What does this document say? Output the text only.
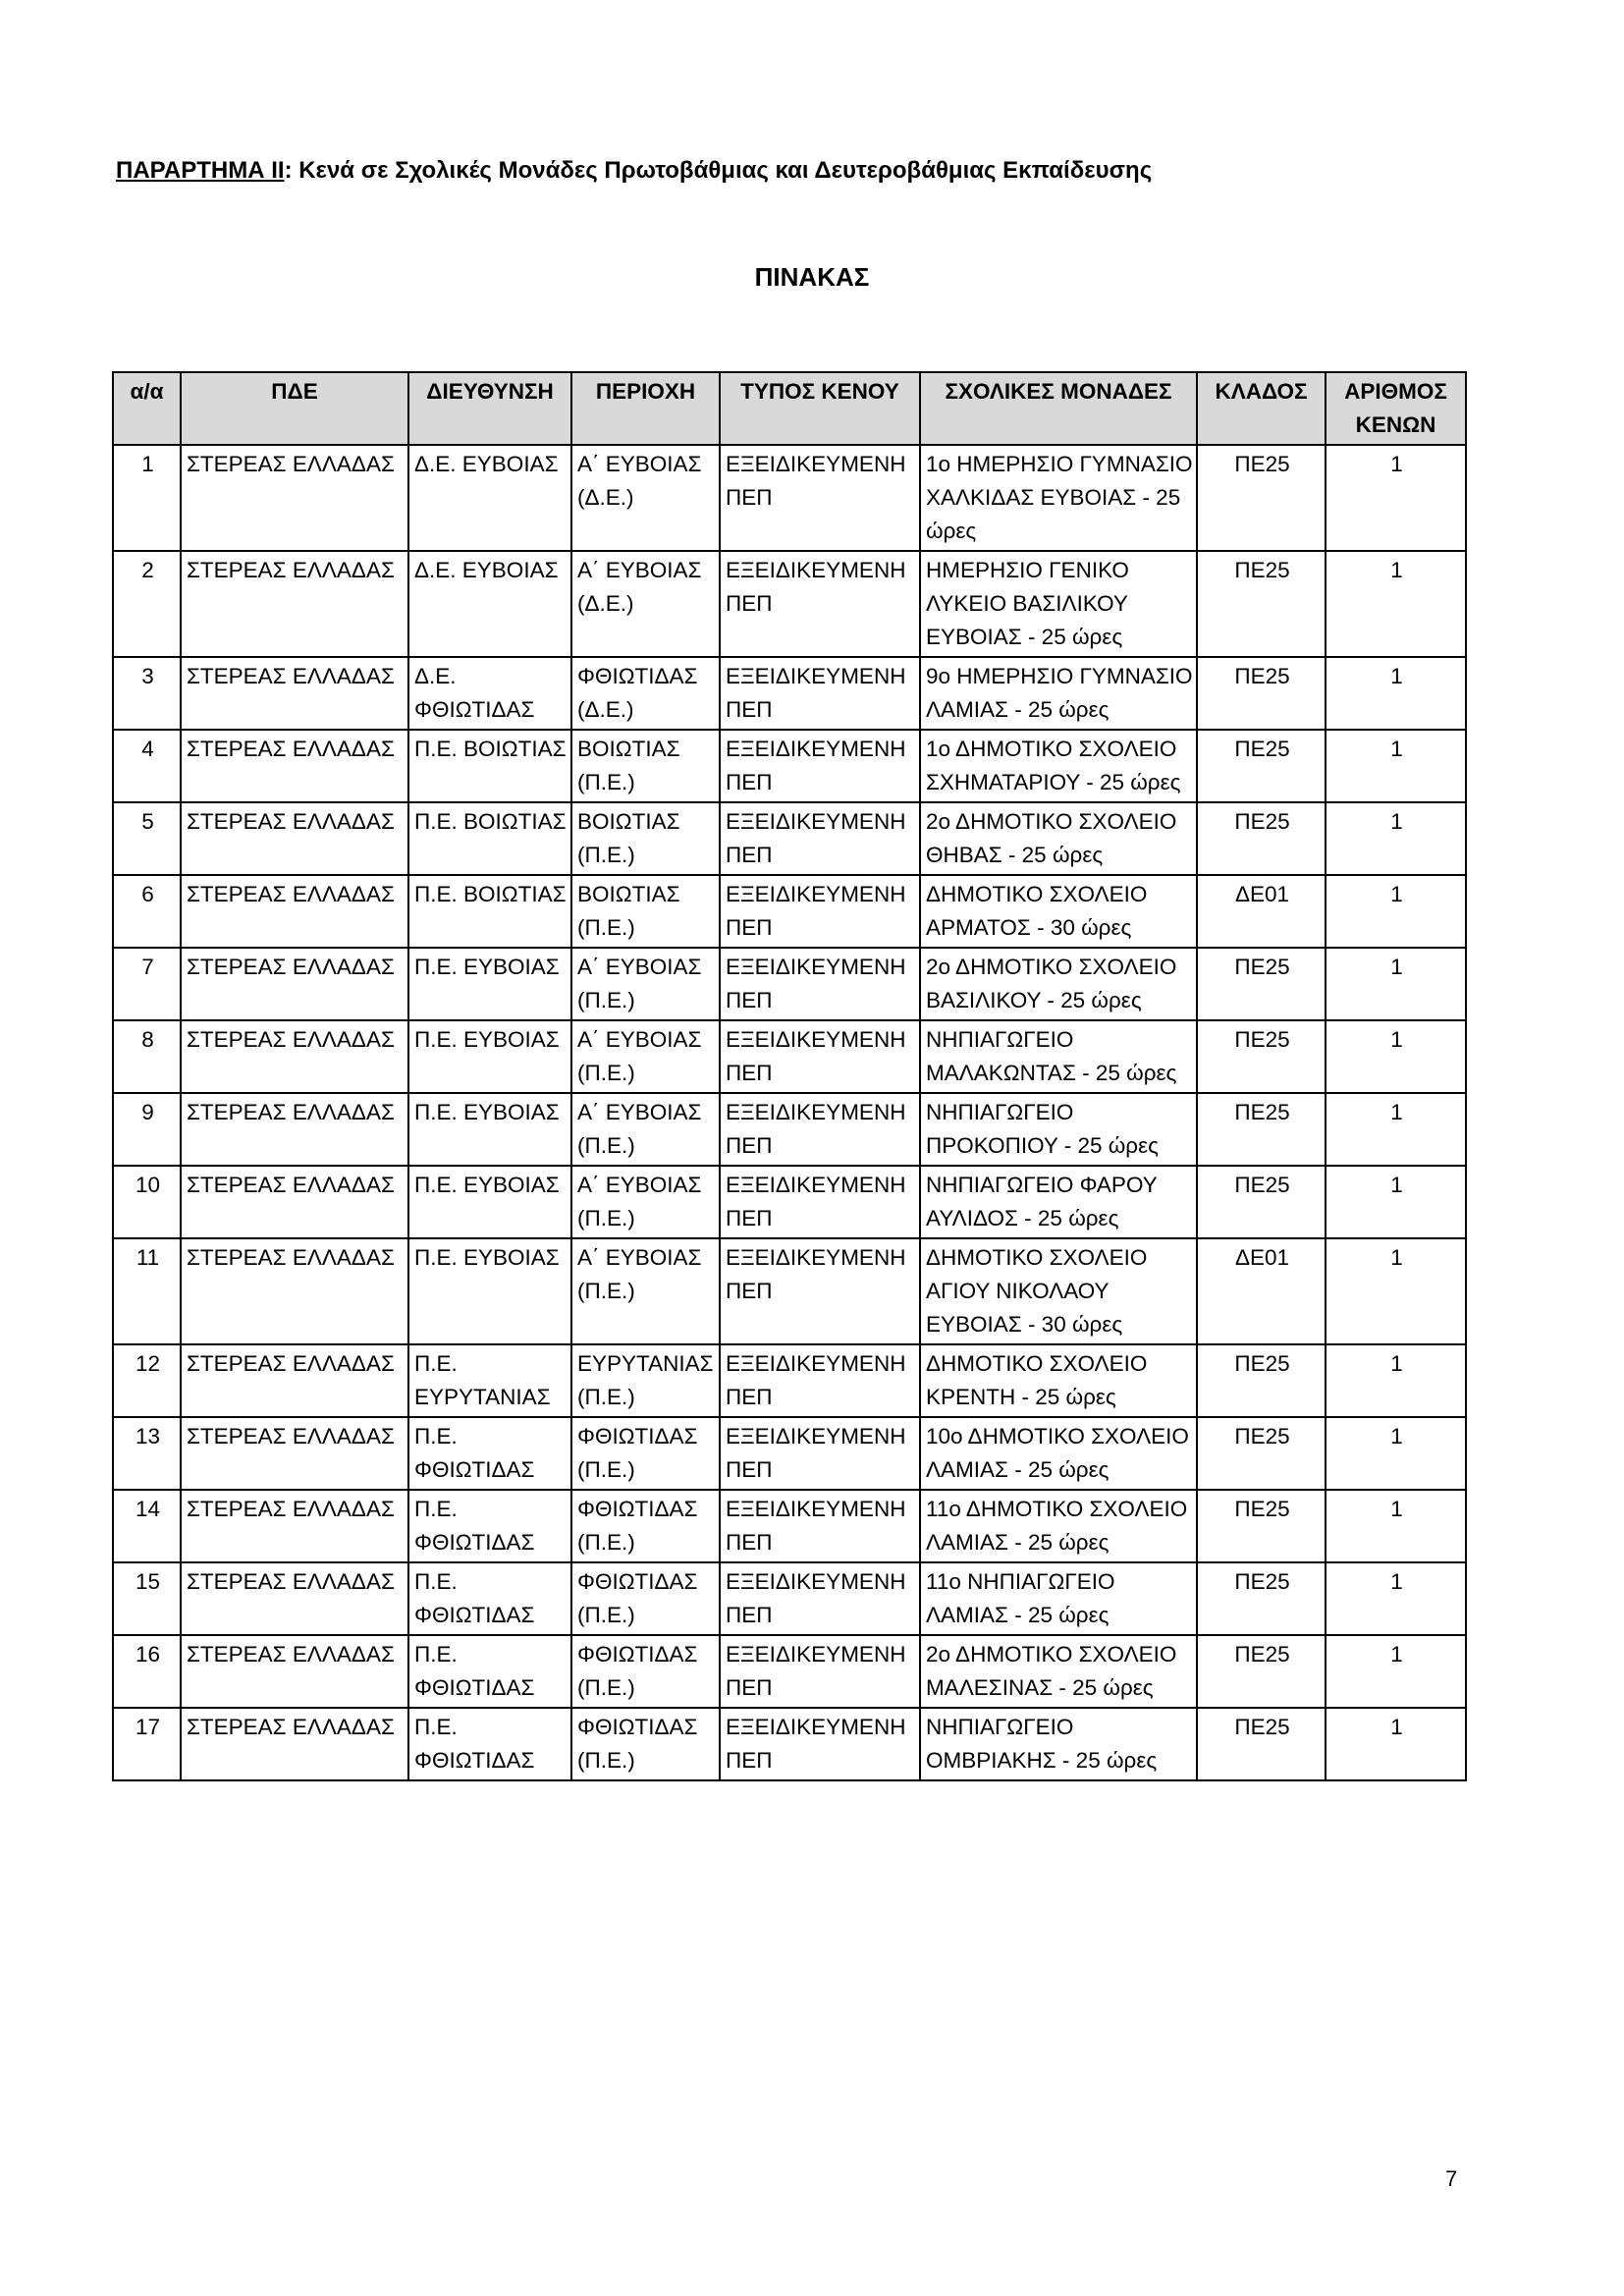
ΠΑΡΑΡΤΗΜΑ ΙΙ: Κενά σε Σχολικές Μονάδες Πρωτοβάθμιας και Δευτεροβάθμιας Εκπαίδευσης
ΠΙΝΑΚΑΣ
α/α	ΠΔΕ	ΔΙΕΥΘΥΝΣΗ	ΠΕΡΙΟΧΗ	ΤΥΠΟΣ ΚΕΝΟΥ	ΣΧΟΛΙΚΕΣ ΜΟΝΑΔΕΣ	ΚΛΑΔΟΣ	ΑΡΙΘΜΟΣ ΚΕΝΩΝ
1	ΣΤΕΡΕΑΣ ΕΛΛΑΔΑΣ	Δ.Ε. ΕΥΒΟΙΑΣ	Α΄ ΕΥΒΟΙΑΣ (Δ.Ε.)	ΕΞΕΙΔΙΚΕΥΜΕΝΗ ΠΕΠ	1ο ΗΜΕΡΗΣΙΟ ΓΥΜΝΑΣΙΟ ΧΑΛΚΙΔΑΣ ΕΥΒΟΙΑΣ - 25 ώρες	ΠΕ25	1
2	ΣΤΕΡΕΑΣ ΕΛΛΑΔΑΣ	Δ.Ε. ΕΥΒΟΙΑΣ	Α΄ ΕΥΒΟΙΑΣ (Δ.Ε.)	ΕΞΕΙΔΙΚΕΥΜΕΝΗ ΠΕΠ	ΗΜΕΡΗΣΙΟ ΓΕΝΙΚΟ ΛΥΚΕΙΟ ΒΑΣΙΛΙΚΟΥ ΕΥΒΟΙΑΣ - 25 ώρες	ΠΕ25	1
3	ΣΤΕΡΕΑΣ ΕΛΛΑΔΑΣ	Δ.Ε. ΦΘΙΩΤΙΔΑΣ	ΦΘΙΩΤΙΔΑΣ (Δ.Ε.)	ΕΞΕΙΔΙΚΕΥΜΕΝΗ ΠΕΠ	9ο ΗΜΕΡΗΣΙΟ ΓΥΜΝΑΣΙΟ ΛΑΜΙΑΣ - 25 ώρες	ΠΕ25	1
4	ΣΤΕΡΕΑΣ ΕΛΛΑΔΑΣ	Π.Ε. ΒΟΙΩΤΙΑΣ	ΒΟΙΩΤΙΑΣ (Π.Ε.)	ΕΞΕΙΔΙΚΕΥΜΕΝΗ ΠΕΠ	1ο ΔΗΜΟΤΙΚΟ ΣΧΟΛΕΙΟ ΣΧΗΜΑΤΑΡΙΟΥ - 25 ώρες	ΠΕ25	1
5	ΣΤΕΡΕΑΣ ΕΛΛΑΔΑΣ	Π.Ε. ΒΟΙΩΤΙΑΣ	ΒΟΙΩΤΙΑΣ (Π.Ε.)	ΕΞΕΙΔΙΚΕΥΜΕΝΗ ΠΕΠ	2ο ΔΗΜΟΤΙΚΟ ΣΧΟΛΕΙΟ ΘΗΒΑΣ - 25 ώρες	ΠΕ25	1
6	ΣΤΕΡΕΑΣ ΕΛΛΑΔΑΣ	Π.Ε. ΒΟΙΩΤΙΑΣ	ΒΟΙΩΤΙΑΣ (Π.Ε.)	ΕΞΕΙΔΙΚΕΥΜΕΝΗ ΠΕΠ	ΔΗΜΟΤΙΚΟ ΣΧΟΛΕΙΟ ΑΡΜΑΤΟΣ - 30 ώρες	ΔΕ01	1
7	ΣΤΕΡΕΑΣ ΕΛΛΑΔΑΣ	Π.Ε. ΕΥΒΟΙΑΣ	Α΄ ΕΥΒΟΙΑΣ (Π.Ε.)	ΕΞΕΙΔΙΚΕΥΜΕΝΗ ΠΕΠ	2ο ΔΗΜΟΤΙΚΟ ΣΧΟΛΕΙΟ ΒΑΣΙΛΙΚΟΥ - 25 ώρες	ΠΕ25	1
8	ΣΤΕΡΕΑΣ ΕΛΛΑΔΑΣ	Π.Ε. ΕΥΒΟΙΑΣ	Α΄ ΕΥΒΟΙΑΣ (Π.Ε.)	ΕΞΕΙΔΙΚΕΥΜΕΝΗ ΠΕΠ	ΝΗΠΙΑΓΩΓΕΙΟ ΜΑΛΑΚΩΝΤΑΣ - 25 ώρες	ΠΕ25	1
9	ΣΤΕΡΕΑΣ ΕΛΛΑΔΑΣ	Π.Ε. ΕΥΒΟΙΑΣ	Α΄ ΕΥΒΟΙΑΣ (Π.Ε.)	ΕΞΕΙΔΙΚΕΥΜΕΝΗ ΠΕΠ	ΝΗΠΙΑΓΩΓΕΙΟ ΠΡΟΚΟΠΙΟΥ - 25 ώρες	ΠΕ25	1
10	ΣΤΕΡΕΑΣ ΕΛΛΑΔΑΣ	Π.Ε. ΕΥΒΟΙΑΣ	Α΄ ΕΥΒΟΙΑΣ (Π.Ε.)	ΕΞΕΙΔΙΚΕΥΜΕΝΗ ΠΕΠ	ΝΗΠΙΑΓΩΓΕΙΟ ΦΑΡΟΥ ΑΥΛΙΔΟΣ - 25 ώρες	ΠΕ25	1
11	ΣΤΕΡΕΑΣ ΕΛΛΑΔΑΣ	Π.Ε. ΕΥΒΟΙΑΣ	Α΄ ΕΥΒΟΙΑΣ (Π.Ε.)	ΕΞΕΙΔΙΚΕΥΜΕΝΗ ΠΕΠ	ΔΗΜΟΤΙΚΟ ΣΧΟΛΕΙΟ ΑΓΙΟΥ ΝΙΚΟΛΑΟΥ ΕΥΒΟΙΑΣ - 30 ώρες	ΔΕ01	1
12	ΣΤΕΡΕΑΣ ΕΛΛΑΔΑΣ	Π.Ε. ΕΥΡΥΤΑΝΙΑΣ	ΕΥΡΥΤΑΝΙΑΣ (Π.Ε.)	ΕΞΕΙΔΙΚΕΥΜΕΝΗ ΠΕΠ	ΔΗΜΟΤΙΚΟ ΣΧΟΛΕΙΟ ΚΡΕΝΤΗ - 25 ώρες	ΠΕ25	1
13	ΣΤΕΡΕΑΣ ΕΛΛΑΔΑΣ	Π.Ε. ΦΘΙΩΤΙΔΑΣ	ΦΘΙΩΤΙΔΑΣ (Π.Ε.)	ΕΞΕΙΔΙΚΕΥΜΕΝΗ ΠΕΠ	10ο ΔΗΜΟΤΙΚΟ ΣΧΟΛΕΙΟ ΛΑΜΙΑΣ - 25 ώρες	ΠΕ25	1
14	ΣΤΕΡΕΑΣ ΕΛΛΑΔΑΣ	Π.Ε. ΦΘΙΩΤΙΔΑΣ	ΦΘΙΩΤΙΔΑΣ (Π.Ε.)	ΕΞΕΙΔΙΚΕΥΜΕΝΗ ΠΕΠ	11ο ΔΗΜΟΤΙΚΟ ΣΧΟΛΕΙΟ ΛΑΜΙΑΣ - 25 ώρες	ΠΕ25	1
15	ΣΤΕΡΕΑΣ ΕΛΛΑΔΑΣ	Π.Ε. ΦΘΙΩΤΙΔΑΣ	ΦΘΙΩΤΙΔΑΣ (Π.Ε.)	ΕΞΕΙΔΙΚΕΥΜΕΝΗ ΠΕΠ	11ο ΝΗΠΙΑΓΩΓΕΙΟ ΛΑΜΙΑΣ - 25 ώρες	ΠΕ25	1
16	ΣΤΕΡΕΑΣ ΕΛΛΑΔΑΣ	Π.Ε. ΦΘΙΩΤΙΔΑΣ	ΦΘΙΩΤΙΔΑΣ (Π.Ε.)	ΕΞΕΙΔΙΚΕΥΜΕΝΗ ΠΕΠ	2ο ΔΗΜΟΤΙΚΟ ΣΧΟΛΕΙΟ ΜΑΛΕΣΙΝΑΣ - 25 ώρες	ΠΕ25	1
17	ΣΤΕΡΕΑΣ ΕΛΛΑΔΑΣ	Π.Ε. ΦΘΙΩΤΙΔΑΣ	ΦΘΙΩΤΙΔΑΣ (Π.Ε.)	ΕΞΕΙΔΙΚΕΥΜΕΝΗ ΠΕΠ	ΝΗΠΙΑΓΩΓΕΙΟ ΟΜΒΡΙΑΚΗΣ - 25 ώρες	ΠΕ25	1
7
